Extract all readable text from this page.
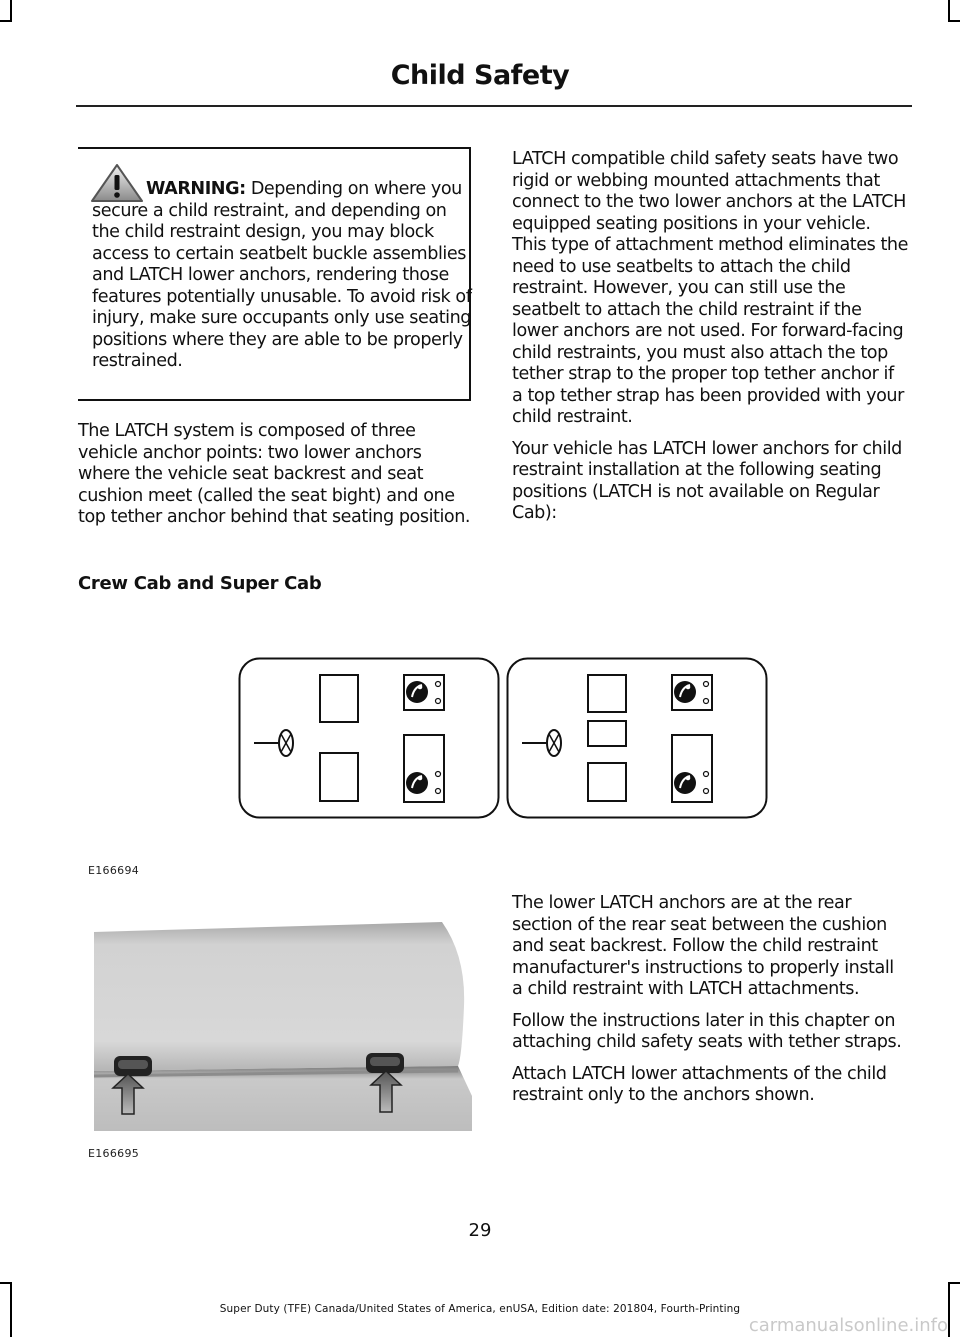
Child Safety
WARNING: Depending on where you secure a child restraint, and depending on the child restraint design, you may block access to certain seatbelt buckle assemblies and LATCH lower anchors, rendering those features potentially unusable. To avoid risk of injury, make sure occupants only use seating positions where they are able to be properly restrained.

The LATCH system is composed of three vehicle anchor points: two lower anchors where the vehicle seat backrest and seat cushion meet (called the seat bight) and one top tether anchor behind that seating position.

LATCH compatible child safety seats have two rigid or webbing mounted attachments that connect to the two lower anchors at the LATCH equipped seating positions in your vehicle. This type of attachment method eliminates the need to use seatbelts to attach the child restraint. However, you can still use the seatbelt to attach the child restraint if the lower anchors are not used. For forward-facing child restraints, you must also attach the top tether strap to the proper top tether anchor if a top tether strap has been provided with your child restraint.

Your vehicle has LATCH lower anchors for child restraint installation at the following seating positions (LATCH is not available on Regular Cab):

Crew Cab and Super Cab
E166694
E166695

The lower LATCH anchors are at the rear section of the rear seat between the cushion and seat backrest. Follow the child restraint manufacturer's instructions to properly install a child restraint with LATCH attachments.

Follow the instructions later in this chapter on attaching child safety seats with tether straps.

Attach LATCH lower attachments of the child restraint only to the anchors shown.

29
Super Duty (TFE) Canada/United States of America, enUSA, Edition date: 201804, Fourth-Printing
carmanualsonline.info
